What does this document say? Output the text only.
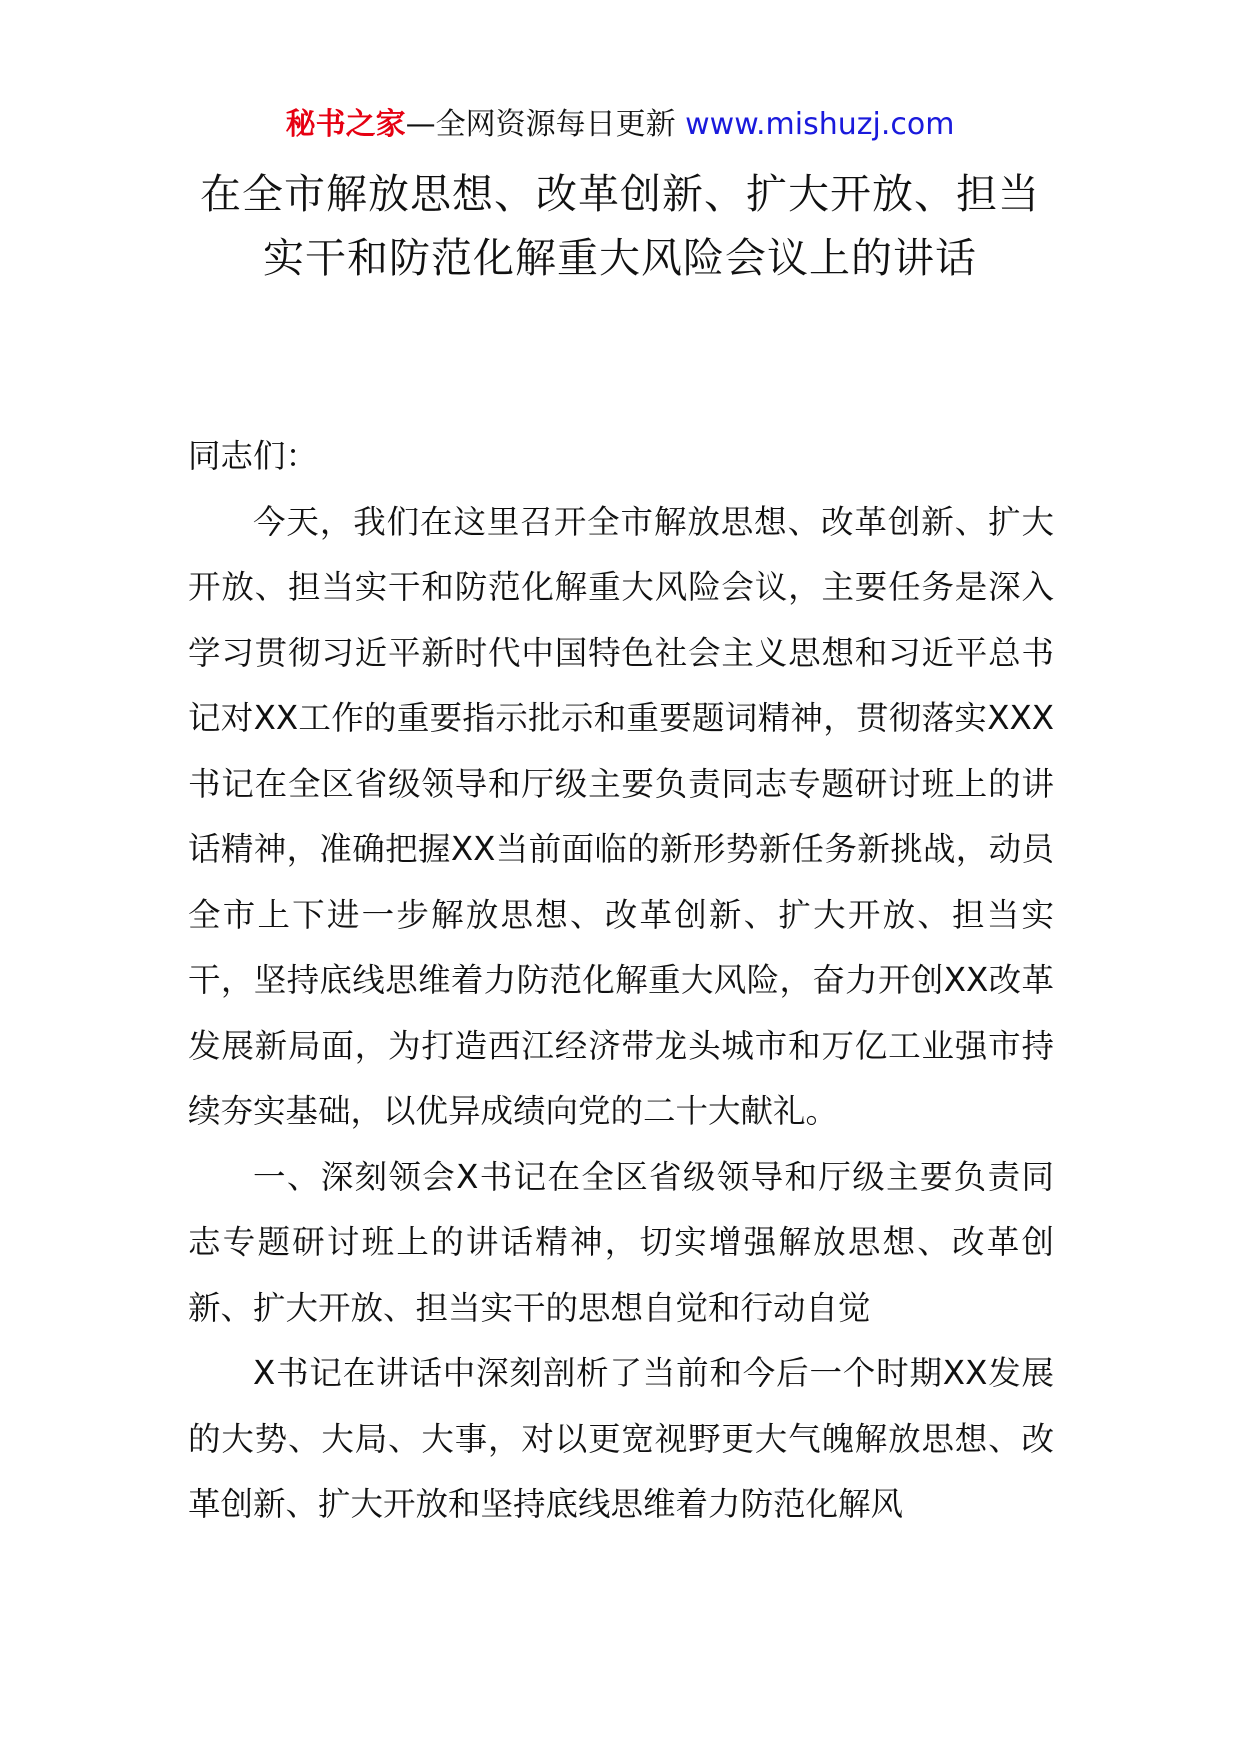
秘书之家—全网资源每日更新 www.mishuzj.com
在全市解放思想、改革创新、扩大开放、担当实干和防范化解重大风险会议上的讲话

同志们：

今天，我们在这里召开全市解放思想、改革创新、扩大开放、担当实干和防范化解重大风险会议，主要任务是深入学习贯彻习近平新时代中国特色社会主义思想和习近平总书记对XX工作的重要指示批示和重要题词精神，贯彻落实XXX书记在全区省级领导和厅级主要负责同志专题研讨班上的讲话精神，准确把握XX当前面临的新形势新任务新挑战，动员全市上下进一步解放思想、改革创新、扩大开放、担当实干，坚持底线思维着力防范化解重大风险，奋力开创XX改革发展新局面，为打造西江经济带龙头城市和万亿工业强市持续夯实基础，以优异成绩向党的二十大献礼。

一、深刻领会X书记在全区省级领导和厅级主要负责同志专题研讨班上的讲话精神，切实增强解放思想、改革创新、扩大开放、担当实干的思想自觉和行动自觉

X书记在讲话中深刻剖析了当前和今后一个时期XX发展的大势、大局、大事，对以更宽视野更大气魄解放思想、改革创新、扩大开放和坚持底线思维着力防范化解风
